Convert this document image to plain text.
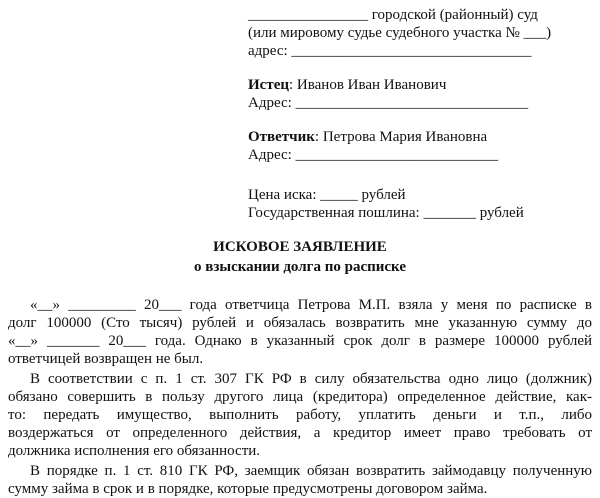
________________ городской (районный) суд
(или мировому судье судебного участка № ___)
адрес: ________________________________
Истец: Иванов Иван Иванович
Адрес: _______________________________
Ответчик: Петрова Мария Ивановна
Адрес: ___________________________
Цена иска: _____ рублей
Государственная пошлина: _______ рублей
ИСКОВОЕ ЗАЯВЛЕНИЕ
о взыскании долга по расписке
«__» _________ 20___ года ответчица Петрова М.П. взяла у меня по расписке в
долг 100000 (Сто тысяч) рублей и обязалась возвратить мне указанную сумму до
«__» _______ 20___ года. Однако в указанный срок долг в размере 100000 рублей
ответчицей возвращен не был.
В соответствии с п. 1 ст. 307 ГК РФ в силу обязательства одно лицо (должник)
обязано совершить в пользу другого лица (кредитора) определенное действие, как-
то: передать имущество, выполнить работу, уплатить деньги и т.п., либо
воздержаться от определенного действия, а кредитор имеет право требовать от
должника исполнения его обязанности.
В порядке п. 1 ст. 810 ГК РФ, заемщик обязан возвратить займодавцу полученную
сумму займа в срок и в порядке, которые предусмотрены договором займа.
